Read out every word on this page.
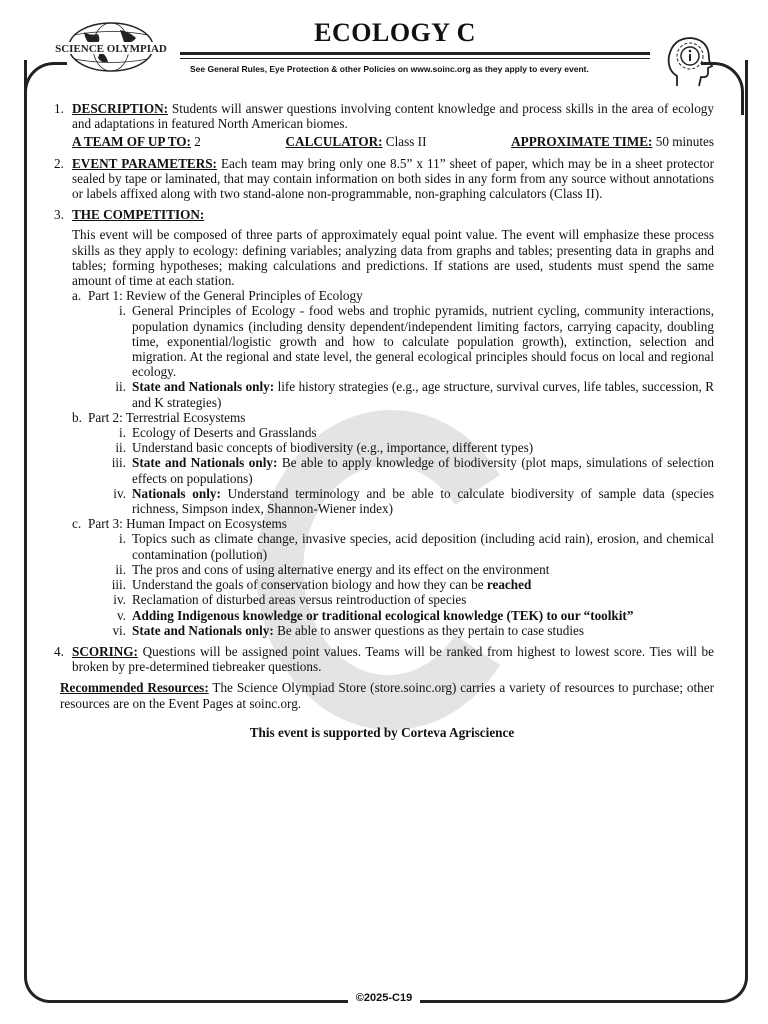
SCIENCE OLYMPIAD
ECOLOGY C
See General Rules, Eye Protection & other Policies on www.soinc.org as they apply to every event.
1. DESCRIPTION: Students will answer questions involving content knowledge and process skills in the area of ecology and adaptations in featured North American biomes.
A TEAM OF UP TO: 2	CALCULATOR: Class II	APPROXIMATE TIME: 50 minutes
2. EVENT PARAMETERS: Each team may bring only one 8.5” x 11” sheet of paper, which may be in a sheet protector sealed by tape or laminated, that may contain information on both sides in any form from any source without annotations or labels affixed along with two stand-alone non-programmable, non-graphing calculators (Class II).
3. THE COMPETITION:

This event will be composed of three parts of approximately equal point value. The event will emphasize these process skills as they apply to ecology: defining variables; analyzing data from graphs and tables; presenting data in graphs and tables; forming hypotheses; making calculations and predictions. If stations are used, students must spend the same amount of time at each station.

a. Part 1: Review of the General Principles of Ecology
i. General Principles of Ecology - food webs and trophic pyramids, nutrient cycling, community interactions, population dynamics (including density dependent/independent limiting factors, carrying capacity, doubling time, exponential/logistic growth and how to calculate population growth), extinction, selection and migration. At the regional and state level, the general ecological principles should focus on local and regional ecology.
ii. State and Nationals only: life history strategies (e.g., age structure, survival curves, life tables, succession, R and K strategies)
b. Part 2: Terrestrial Ecosystems
i. Ecology of Deserts and Grasslands
ii. Understand basic concepts of biodiversity (e.g., importance, different types)
iii. State and Nationals only: Be able to apply knowledge of biodiversity (plot maps, simulations of selection effects on populations)
iv. Nationals only: Understand terminology and be able to calculate biodiversity of sample data (species richness, Simpson index, Shannon-Wiener index)
c. Part 3: Human Impact on Ecosystems
i. Topics such as climate change, invasive species, acid deposition (including acid rain), erosion, and chemical contamination (pollution)
ii. The pros and cons of using alternative energy and its effect on the environment
iii. Understand the goals of conservation biology and how they can be reached
iv. Reclamation of disturbed areas versus reintroduction of species
v. Adding Indigenous knowledge or traditional ecological knowledge (TEK) to our “toolkit”
vi. State and Nationals only: Be able to answer questions as they pertain to case studies
4. SCORING: Questions will be assigned point values. Teams will be ranked from highest to lowest score. Ties will be broken by pre-determined tiebreaker questions.
Recommended Resources: The Science Olympiad Store (store.soinc.org) carries a variety of resources to purchase; other resources are on the Event Pages at soinc.org.
This event is supported by Corteva Agriscience
©2025-C19
